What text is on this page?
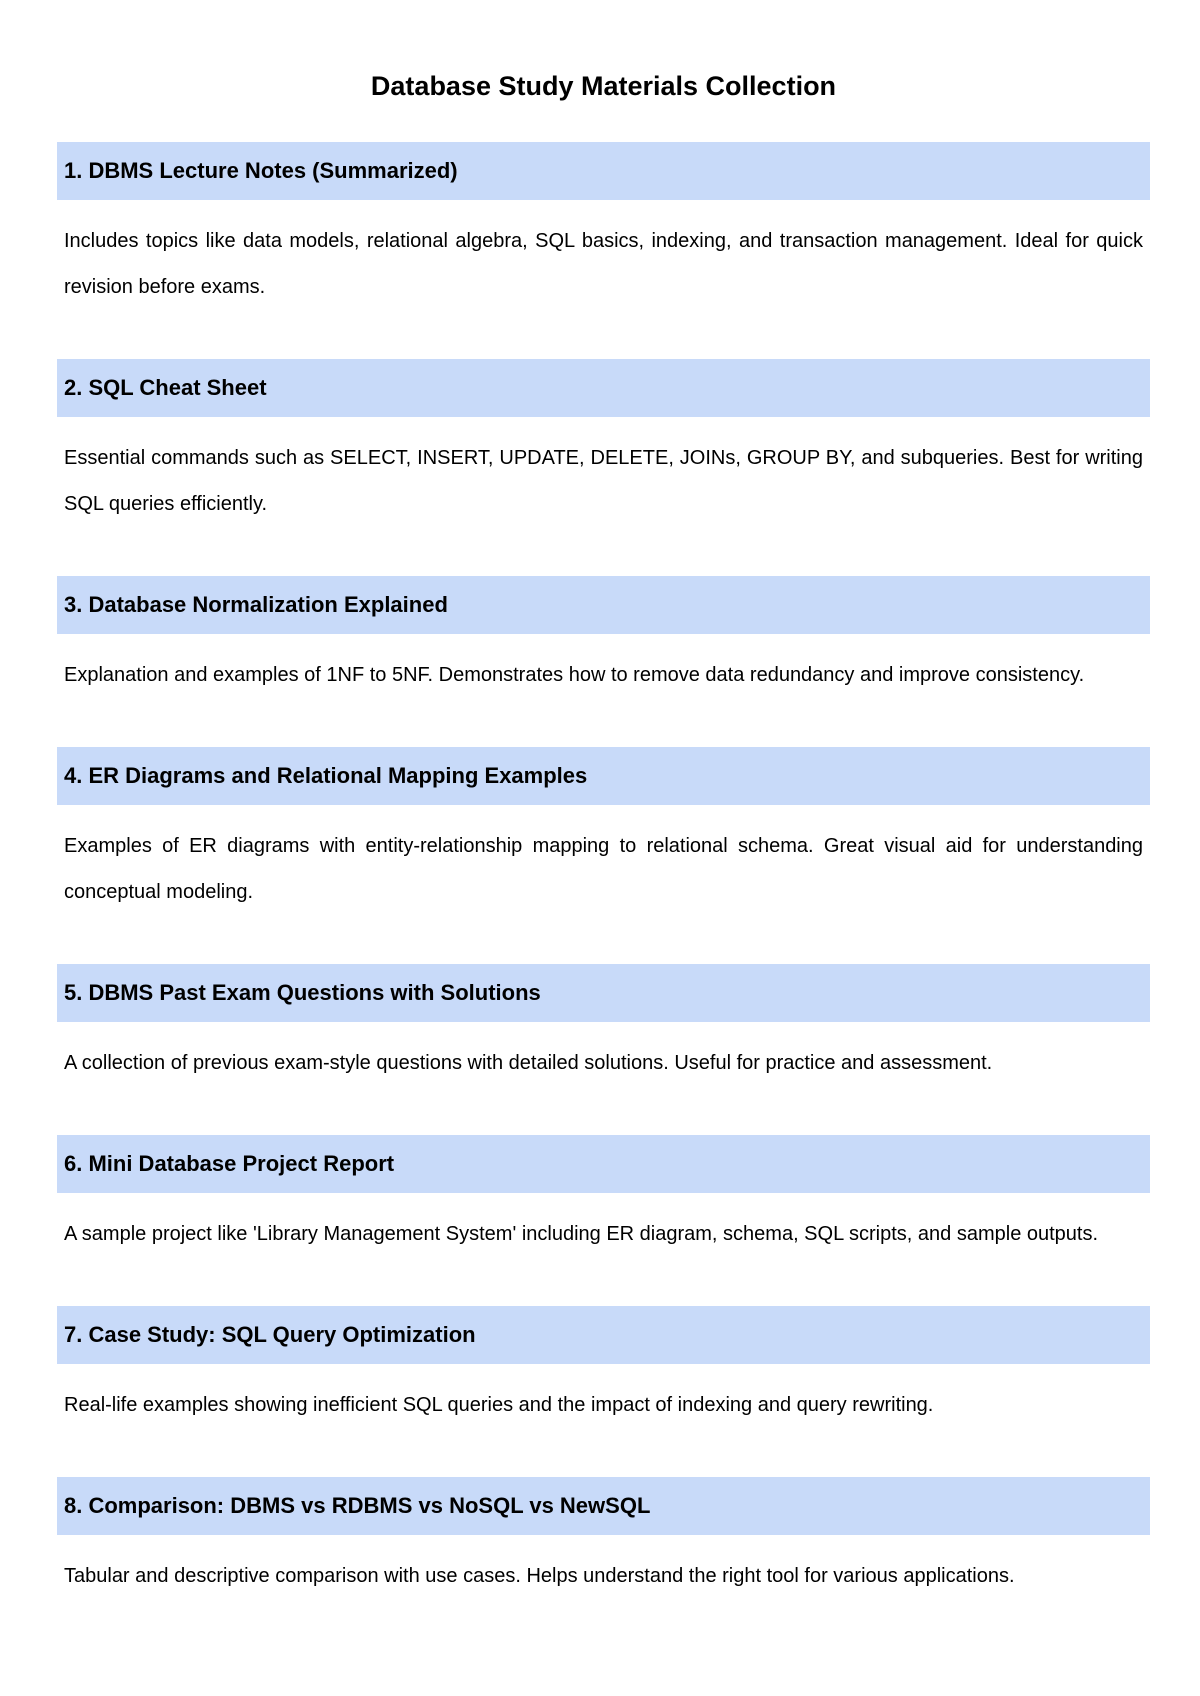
Database Study Materials Collection
1. DBMS Lecture Notes (Summarized)
Includes topics like data models, relational algebra, SQL basics, indexing, and transaction management. Ideal for quick revision before exams.
2. SQL Cheat Sheet
Essential commands such as SELECT, INSERT, UPDATE, DELETE, JOINs, GROUP BY, and subqueries. Best for writing SQL queries efficiently.
3. Database Normalization Explained
Explanation and examples of 1NF to 5NF. Demonstrates how to remove data redundancy and improve consistency.
4. ER Diagrams and Relational Mapping Examples
Examples of ER diagrams with entity-relationship mapping to relational schema. Great visual aid for understanding conceptual modeling.
5. DBMS Past Exam Questions with Solutions
A collection of previous exam-style questions with detailed solutions. Useful for practice and assessment.
6. Mini Database Project Report
A sample project like 'Library Management System' including ER diagram, schema, SQL scripts, and sample outputs.
7. Case Study: SQL Query Optimization
Real-life examples showing inefficient SQL queries and the impact of indexing and query rewriting.
8. Comparison: DBMS vs RDBMS vs NoSQL vs NewSQL
Tabular and descriptive comparison with use cases. Helps understand the right tool for various applications.
